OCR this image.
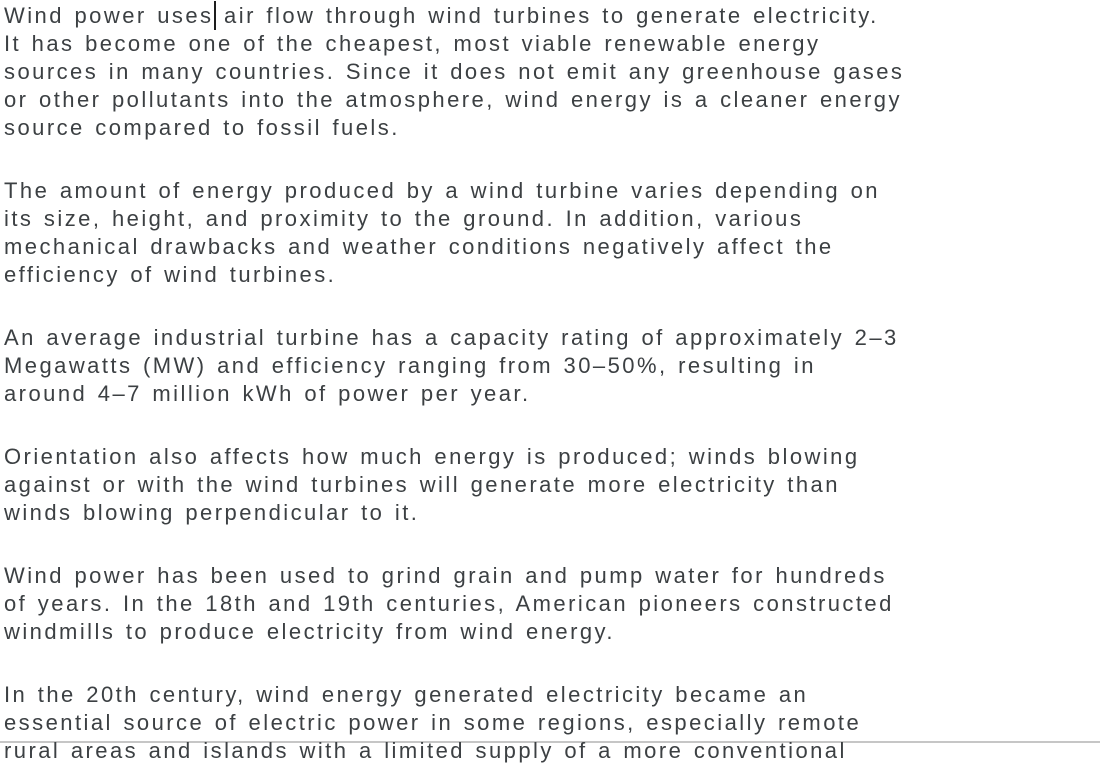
Wind power uses air flow through wind turbines to generate electricity.
It has become one of the cheapest, most viable renewable energy
sources in many countries. Since it does not emit any greenhouse gases
or other pollutants into the atmosphere, wind energy is a cleaner energy
source compared to fossil fuels.
The amount of energy produced by a wind turbine varies depending on
its size, height, and proximity to the ground. In addition, various
mechanical drawbacks and weather conditions negatively affect the
efficiency of wind turbines.
An average industrial turbine has a capacity rating of approximately 2–3
Megawatts (MW) and efficiency ranging from 30–50%, resulting in
around 4–7 million kWh of power per year.
Orientation also affects how much energy is produced; winds blowing
against or with the wind turbines will generate more electricity than
winds blowing perpendicular to it.
Wind power has been used to grind grain and pump water for hundreds
of years. In the 18th and 19th centuries, American pioneers constructed
windmills to produce electricity from wind energy.
In the 20th century, wind energy generated electricity became an
essential source of electric power in some regions, especially remote
rural areas and islands with a limited supply of a more conventional
